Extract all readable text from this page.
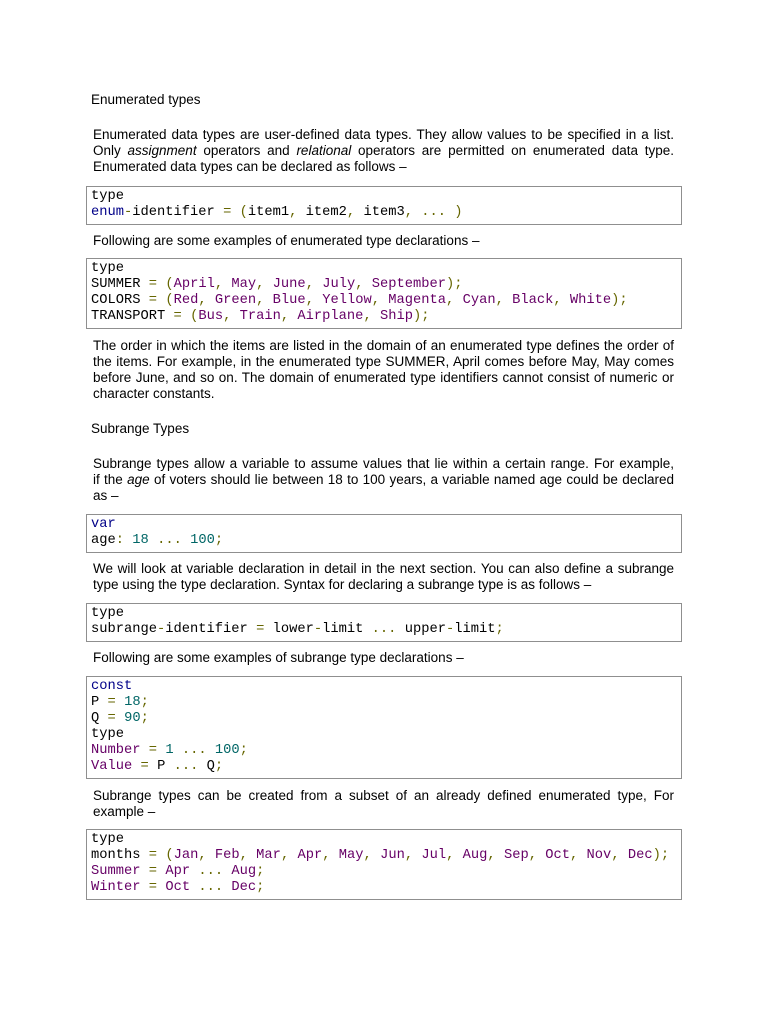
Enumerated types
Enumerated data types are user-defined data types. They allow values to be specified in a list.
Only assignment operators and relational operators are permitted on enumerated data type.
Enumerated data types can be declared as follows –
type
enum-identifier = (item1, item2, item3, ... )
Following are some examples of enumerated type declarations –
type
SUMMER = (April, May, June, July, September);
COLORS = (Red, Green, Blue, Yellow, Magenta, Cyan, Black, White);
TRANSPORT = (Bus, Train, Airplane, Ship);
The order in which the items are listed in the domain of an enumerated type defines the order of
the items. For example, in the enumerated type SUMMER, April comes before May, May comes
before June, and so on. The domain of enumerated type identifiers cannot consist of numeric or
character constants.
Subrange Types
Subrange types allow a variable to assume values that lie within a certain range. For example,
if the age of voters should lie between 18 to 100 years, a variable named age could be declared
as –
var
age: 18 ... 100;
We will look at variable declaration in detail in the next section. You can also define a subrange
type using the type declaration. Syntax for declaring a subrange type is as follows –
type
subrange-identifier = lower-limit ... upper-limit;
Following are some examples of subrange type declarations –
const
P = 18;
Q = 90;
type
Number = 1 ... 100;
Value = P ... Q;
Subrange types can be created from a subset of an already defined enumerated type, For
example –
type
months = (Jan, Feb, Mar, Apr, May, Jun, Jul, Aug, Sep, Oct, Nov, Dec);
Summer = Apr ... Aug;
Winter = Oct ... Dec;
